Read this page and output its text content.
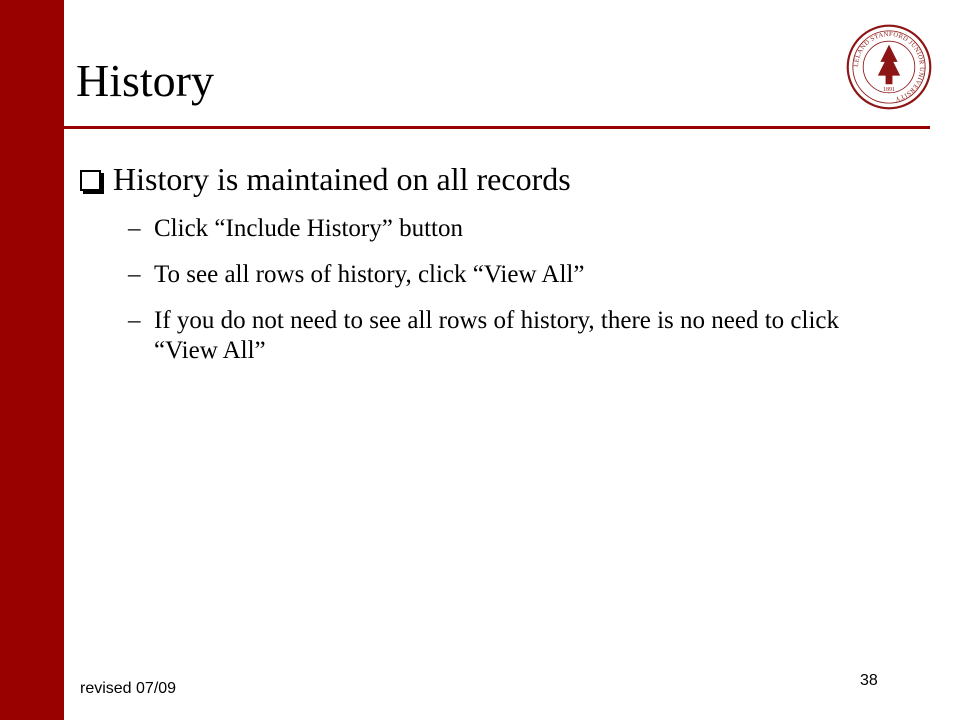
History	LELAND STANFORD JUNIOR UNIVERSITY
1891
History is maintained on all records
– Click “Include History” button
– To see all rows of history, click “View All”
– If you do not need to see all rows of history, there is no need to click “View All”
revised 07/09	38
